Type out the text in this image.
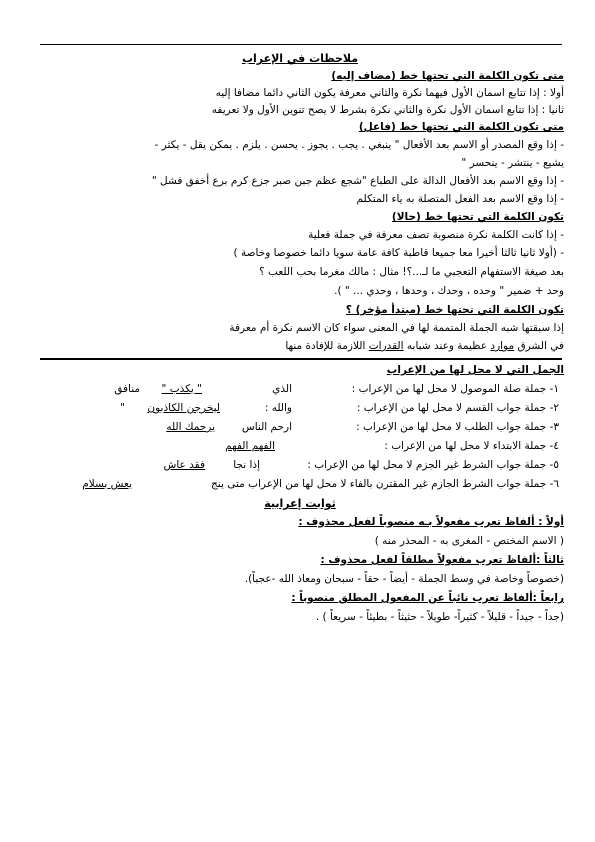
ملاحظات في الإعراب
متى تكون الكلمة التي تحتها خط (مضاف إليه)
أولا : إذا تتابع اسمان الأول فيهما نكرة والثاني معرفة يكون الثاني دائما مضافا إليه
ثانيا : إذا تتابع اسمان الأول نكرة والثاني نكرة بشرط لا يصح تنوين الأول ولا تعريفه
متى تكون الكلمة التي تحتها خط (فاعل)
- إذا وقع المصدر أو الاسم بعد الأفعال " ينبغي . يجب . يجوز . يحسن . يلزم . يمكن يقل - يكثر -
يشيع - ينتشر - ينحسر "
- إذا وقع الاسم بعد الأفعال الدالة على الطباع "شجع عظم جبن صبر جزع كرم برع أخفق فشل "
- إذا وقع الاسم بعد الفعل المتصلة به ياء المتكلم
تكون الكلمة التي تحتها خط (حالا)
- إذا كانت الكلمة نكرة منصوبة تصف معرفة في جملة فعلية
- (أولا ثانيا ثالثا أخيرا معا جميعا قاطبة كافة عامة سويا دائما خصوصا وخاصة )
بعد صيغة الاستفهام التعجبي ما لـ...؟! مثال : مالك مغرما بحب اللعب ؟
وحد + ضمير " وحده ، وحدك ، وحدها ، وحدي ... " ).
تكون الكلمة التي تحتها خط (مبتدأ مؤخر) ؟
إذا سبقتها شبه الجملة المتممة لها في المعنى سواء كان الاسم نكرة أم معرفة
في الشرق موارد عظيمة وعند شبابه القدرات اللازمة للإفادة منها
الجمل التي لا محل لها من الإعراب
١- جملة صلة الموصول لا محل لها من الإعراب :
الذي
" يكذب "
منافق
٢- جملة جواب القسم لا محل لها من الإعراب :
والله :
ليخرجن الكاذبون
"
٣- جملة جواب الطلب لا محل لها من الإعراب :
ارحم الناس
يرحمك الله
٤- جملة الابتداء لا محل لها من الإعراب :
الفهم الفهم
٥- جملة جواب الشرط غير الجزم لا محل لها من الإعراب :
إذا نجا
فقد عاش
٦- جملة جواب الشرط الجازم غير المقترن بالفاء لا محل لها من الإعراب متى ينج
يعش بسلام
ثوابت إعرابية
أولاً : ألفاظ تعرب مفعولاً بـه منصوباً لفعل محذوف :
( الاسم المختص - المغرى به - المحذر منه )
ثالثاً :ألفاظ تعرب مفعولاً مطلقاً لفعل محذوف :
(خصوصاً وخاصة في وسط الجملة - أيضاً - حقاً - سبحان ومعاذ الله -عجباً).
رابعاً :ألفاظ تعرب نائباً عن المفعول المطلق منصوباً :
(جداً - جيداً - قليلاً - كثيراً- طويلاً - حثيثاً - بطيئاً - سريعاً ) .
